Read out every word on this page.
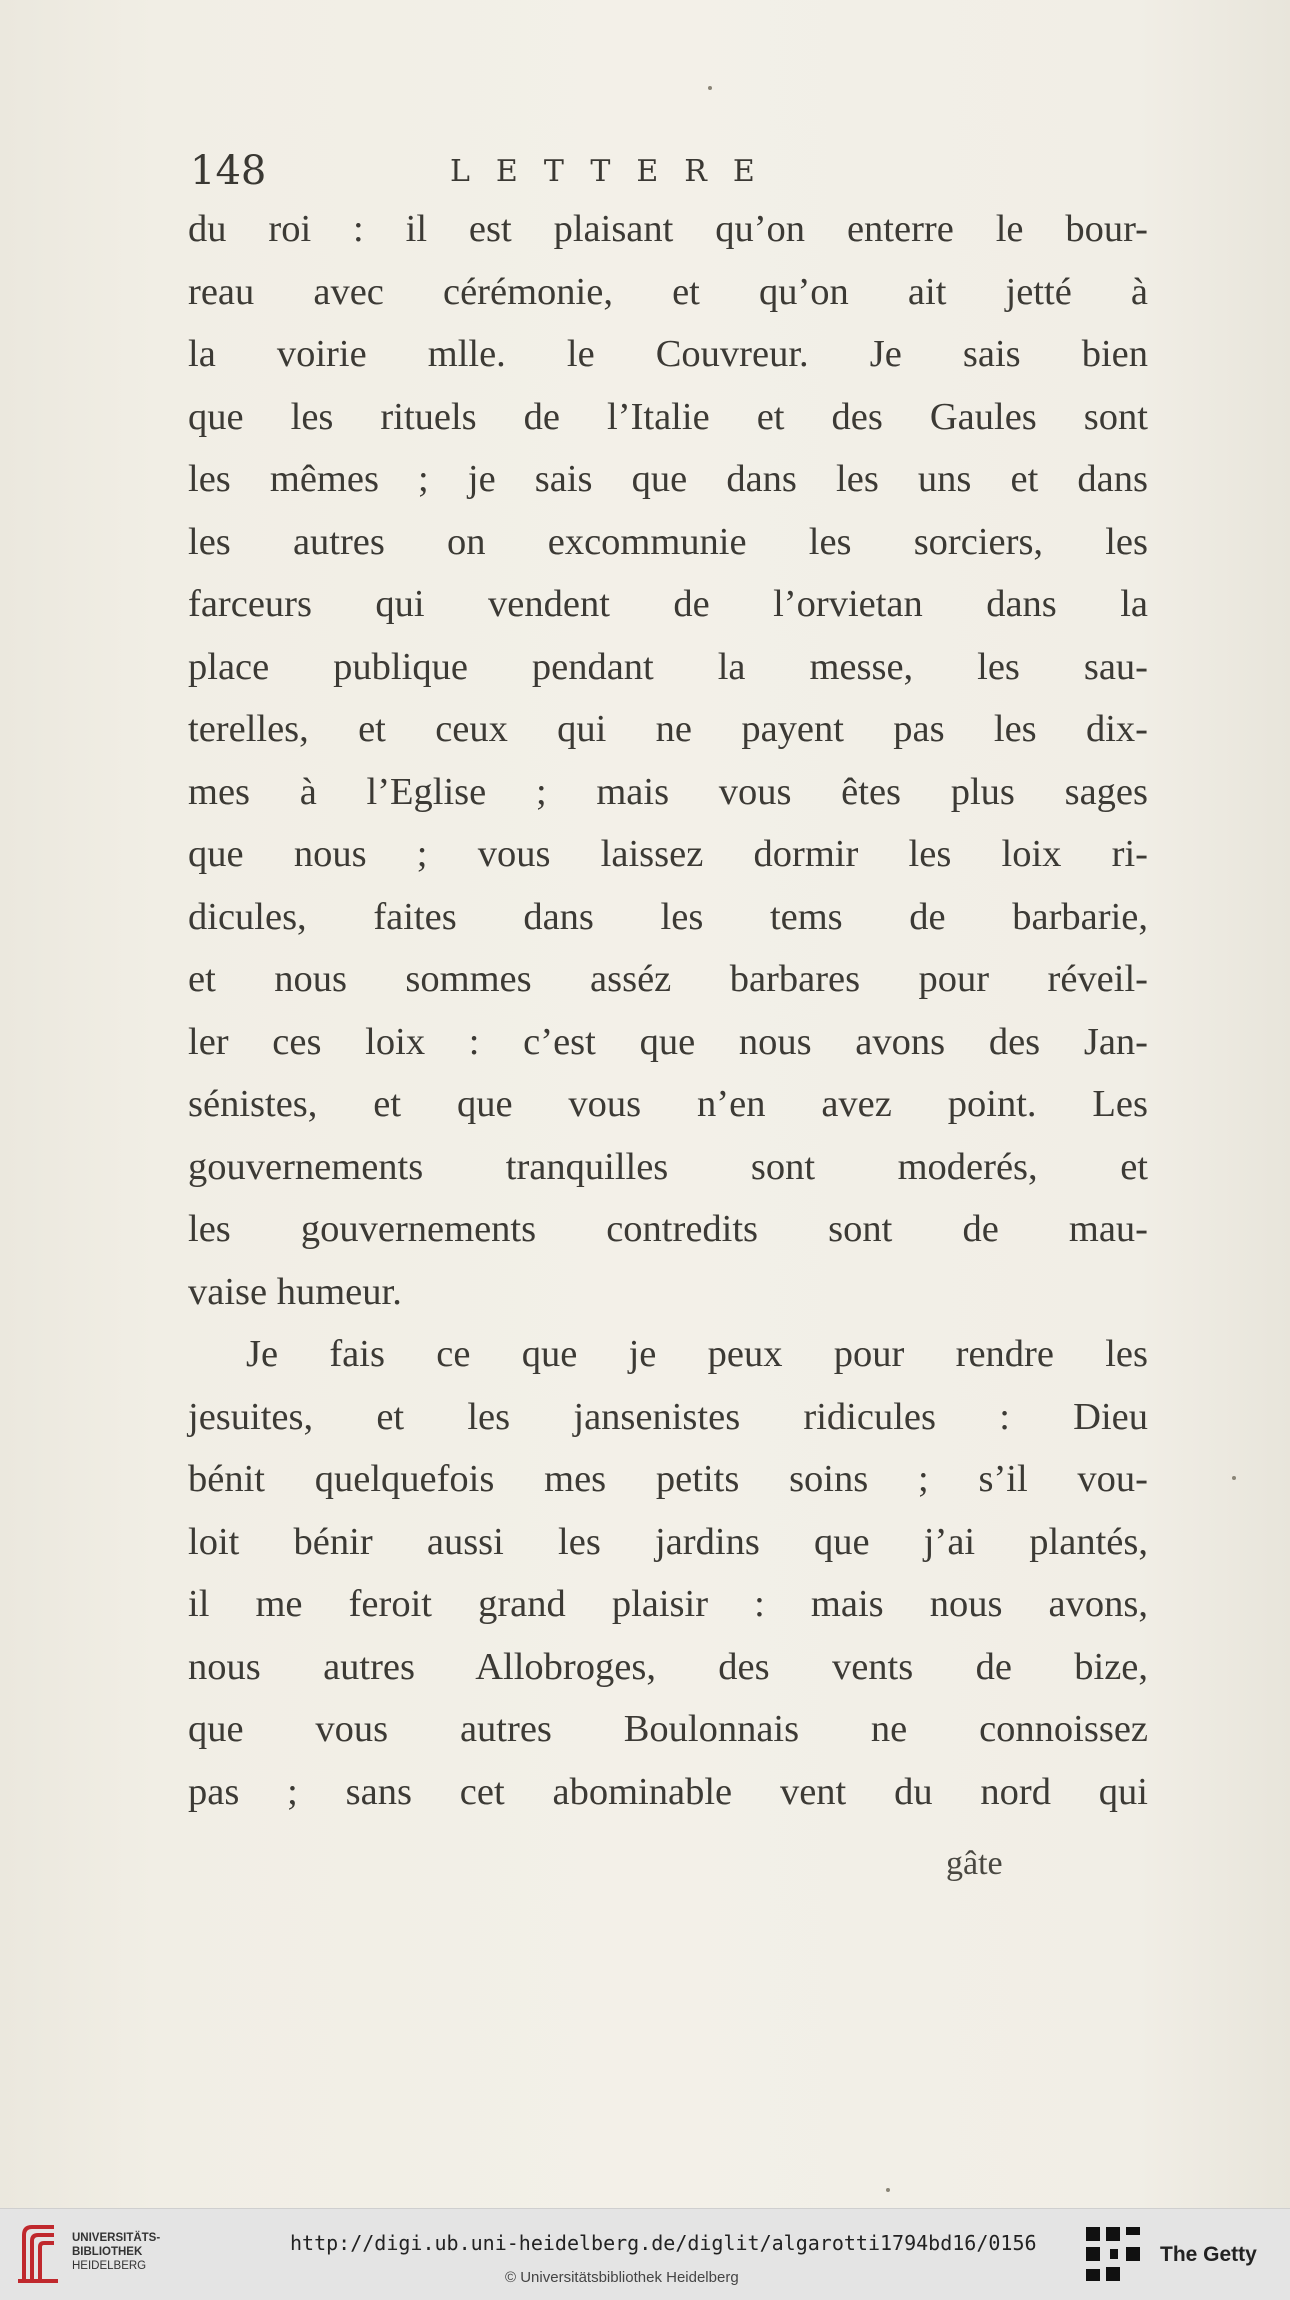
148	LETTERE
du roi : il est plaisant qu’on enterre le bour-
reau avec cérémonie, et qu’on ait jetté à
la voirie mlle. le Couvreur. Je sais bien
que les rituels de l’Italie et des Gaules sont
les mêmes ; je sais que dans les uns et dans
les autres on excommunie les sorciers, les
farceurs qui vendent de l’orvietan dans la
place publique pendant la messe, les sau-
terelles, et ceux qui ne payent pas les dix-
mes à l’Eglise ; mais vous êtes plus sages
que nous ; vous laissez dormir les loix ri-
dicules, faites dans les tems de barbarie,
et nous sommes asséz barbares pour réveil-
ler ces loix : c’est que nous avons des Jan-
sénistes, et que vous n’en avez point. Les
gouvernements tranquilles sont moderés, et
les gouvernements contredits sont de mau-
vaise humeur.
Je fais ce que je peux pour rendre les
jesuites, et les jansenistes ridicules : Dieu
bénit quelquefois mes petits soins ; s’il vou-
loit bénir aussi les jardins que j’ai plantés,
il me feroit grand plaisir : mais nous avons,
nous autres Allobroges, des vents de bize,
que vous autres Boulonnais ne connoissez
pas ; sans cet abominable vent du nord qui
gâte
UNIVERSITÄTS-
BIBLIOTHEK
HEIDELBERG
http://digi.ub.uni-heidelberg.de/diglit/algarotti1794bd16/0156
© Universitätsbibliothek Heidelberg
The Getty
